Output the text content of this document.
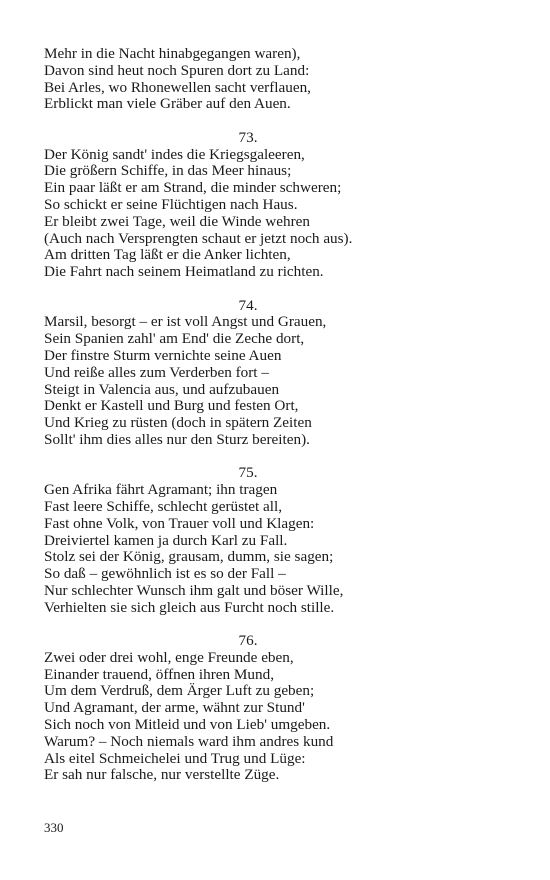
Mehr in die Nacht hinabgegangen waren),

Davon sind heut noch Spuren dort zu Land:

Bei Arles, wo Rhonewellen sacht verflauen,

Erblickt man viele Gräber auf den Auen.

73.

Der König sandt' indes die Kriegsgaleeren,

Die größern Schiffe, in das Meer hinaus;

Ein paar läßt er am Strand, die minder schweren;

So schickt er seine Flüchtigen nach Haus.

Er bleibt zwei Tage, weil die Winde wehren

(Auch nach Versprengten schaut er jetzt noch aus).

Am dritten Tag läßt er die Anker lichten,

Die Fahrt nach seinem Heimatland zu richten.

74.

Marsil, besorgt – er ist voll Angst und Grauen,

Sein Spanien zahl' am End' die Zeche dort,

Der finstre Sturm vernichte seine Auen

Und reiße alles zum Verderben fort –

Steigt in Valencia aus, und aufzubauen

Denkt er Kastell und Burg und festen Ort,

Und Krieg zu rüsten (doch in spätern Zeiten

Sollt' ihm dies alles nur den Sturz bereiten).

75.

Gen Afrika fährt Agramant; ihn tragen

Fast leere Schiffe, schlecht gerüstet all,

Fast ohne Volk, von Trauer voll und Klagen:

Dreiviertel kamen ja durch Karl zu Fall.

Stolz sei der König, grausam, dumm, sie sagen;

So daß – gewöhnlich ist es so der Fall –

Nur schlechter Wunsch ihm galt und böser Wille,

Verhielten sie sich gleich aus Furcht noch stille.

76.

Zwei oder drei wohl, enge Freunde eben,

Einander trauend, öffnen ihren Mund,

Um dem Verdruß, dem Ärger Luft zu geben;

Und Agramant, der arme, wähnt zur Stund'

Sich noch von Mitleid und von Lieb' umgeben.

Warum? – Noch niemals ward ihm andres kund

Als eitel Schmeichelei und Trug und Lüge:

Er sah nur falsche, nur verstellte Züge.

330
